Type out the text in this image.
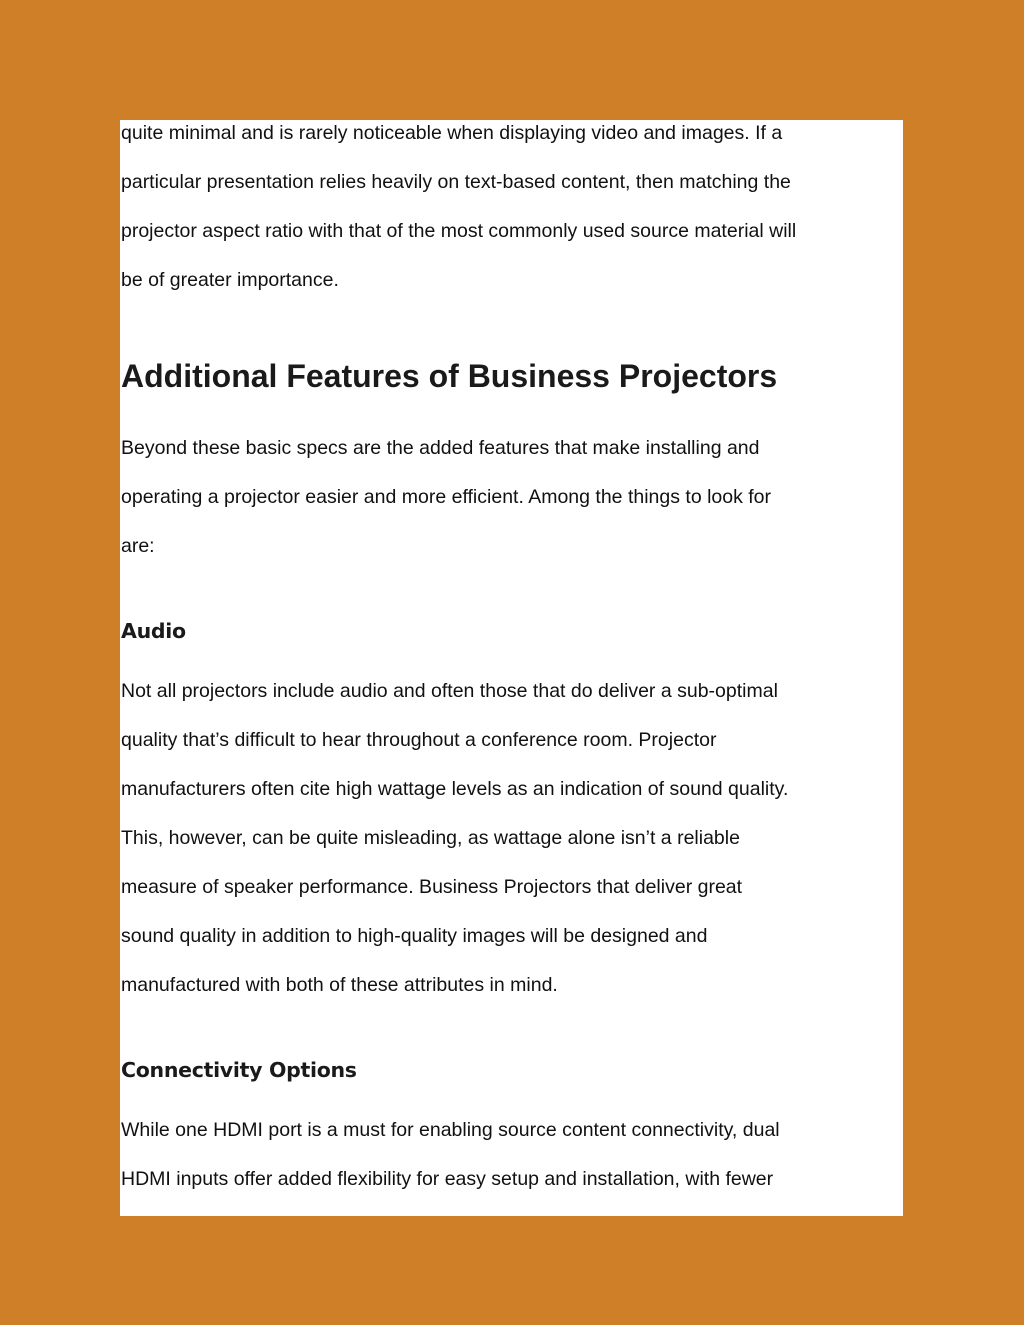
quite minimal and is rarely noticeable when displaying video and images. If a
particular presentation relies heavily on text-based content, then matching the
projector aspect ratio with that of the most commonly used source material will
be of greater importance.
Additional Features of Business Projectors
Beyond these basic specs are the added features that make installing and
operating a projector easier and more efficient. Among the things to look for
are:
Audio
Not all projectors include audio and often those that do deliver a sub-optimal
quality that’s difficult to hear throughout a conference room. Projector
manufacturers often cite high wattage levels as an indication of sound quality.
This, however, can be quite misleading, as wattage alone isn’t a reliable
measure of speaker performance. Business Projectors that deliver great
sound quality in addition to high-quality images will be designed and
manufactured with both of these attributes in mind.
Connectivity Options
While one HDMI port is a must for enabling source content connectivity, dual
HDMI inputs offer added flexibility for easy setup and installation, with fewer
